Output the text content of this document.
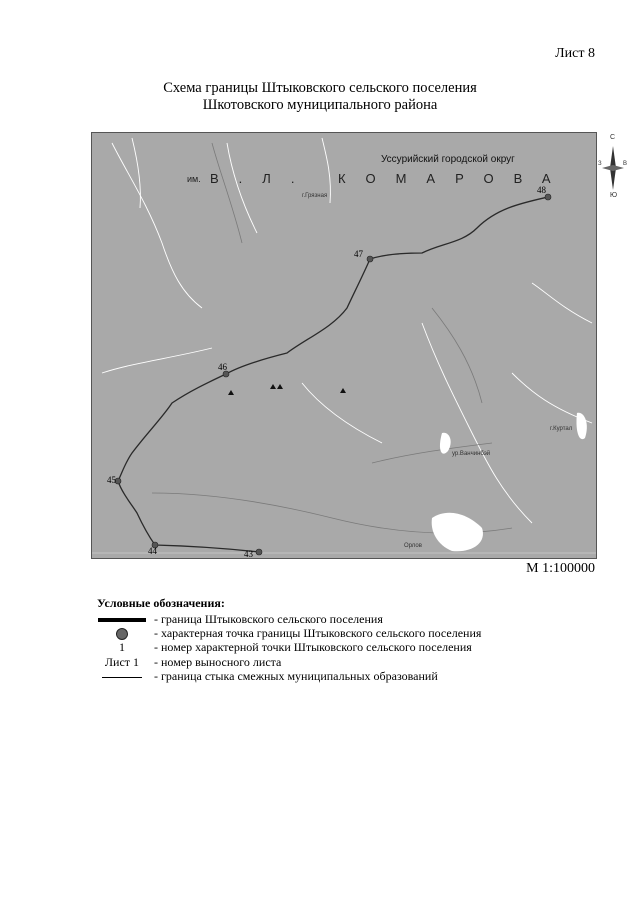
Лист 8
Схема границы Штыковского сельского поселения
Шкотовского муниципального района
Уссурийский городской округ
им. В.Л. КОМАРОВА
48
47
46
45
44	43
г.Грязная
ур.Ванчинбэй
г.Куртал
Орлов
С
Ю
З	В
М 1:100000
Условные обозначения:
- граница Штыковского сельского поселения
- характерная точка границы Штыковского сельского поселения
1	- номер характерной точки Штыковского сельского поселения
Лист 1	- номер выносного листа
- граница стыка смежных муниципальных образований
